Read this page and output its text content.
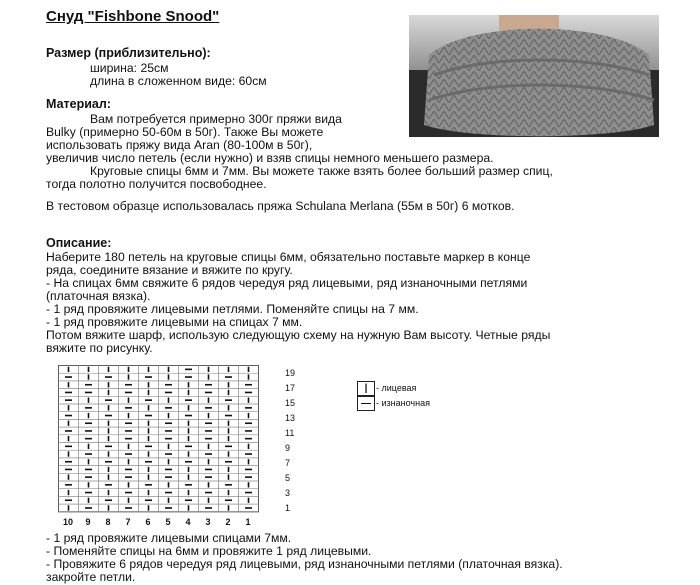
Снуд "Fishbone Snood"
Размер (приблизительно):
ширина: 25см
длина в сложенном виде: 60см
Материал:
Вам потребуется примерно 300г пряжи вида
Bulky (примерно 50-60м в 50г). Также Вы можете
использовать пряжу вида Aran (80-100м в 50г),
увеличив число петель (если нужно) и взяв спицы немного меньшего размера.
Круговые спицы 6мм и 7мм. Вы можете также взять более больший размер спиц,
тогда полотно получится посвободнее.
В тестовом образце использовалась пряжа Schulana Merlana (55м в 50г) 6 мотков.
Описание:
Наберите 180 петель на круговые спицы 6мм, обязательно поставьте маркер в конце
ряда, соедините вязание и вяжите по кругу.
- На спицах 6мм свяжите 6 рядов чередуя ряд лицевыми, ряд изнаночными петлями
(платочная вязка).
- 1 ряд провяжите лицевыми петлями. Поменяйте спицы на 7 мм.
- 1 ряд провяжите лицевыми на спицах 7 мм.
Потом вяжите шарф, использую следующую схему на нужную Вам высоту. Четные ряды
вяжите по рисунку.
19
17
15
13
11
9
7
5
3
1
10	9	8	7	6	5	4	3	2	1
| - лицевая
— - изнаночная
- 1 ряд провяжите лицевыми спицами 7мм.
- Поменяйте спицы на 6мм и провяжите 1 ряд лицевыми.
- Провяжите 6 рядов чередуя ряд лицевыми, ряд изнаночными петлями (платочная вязка).
закройте петли.
